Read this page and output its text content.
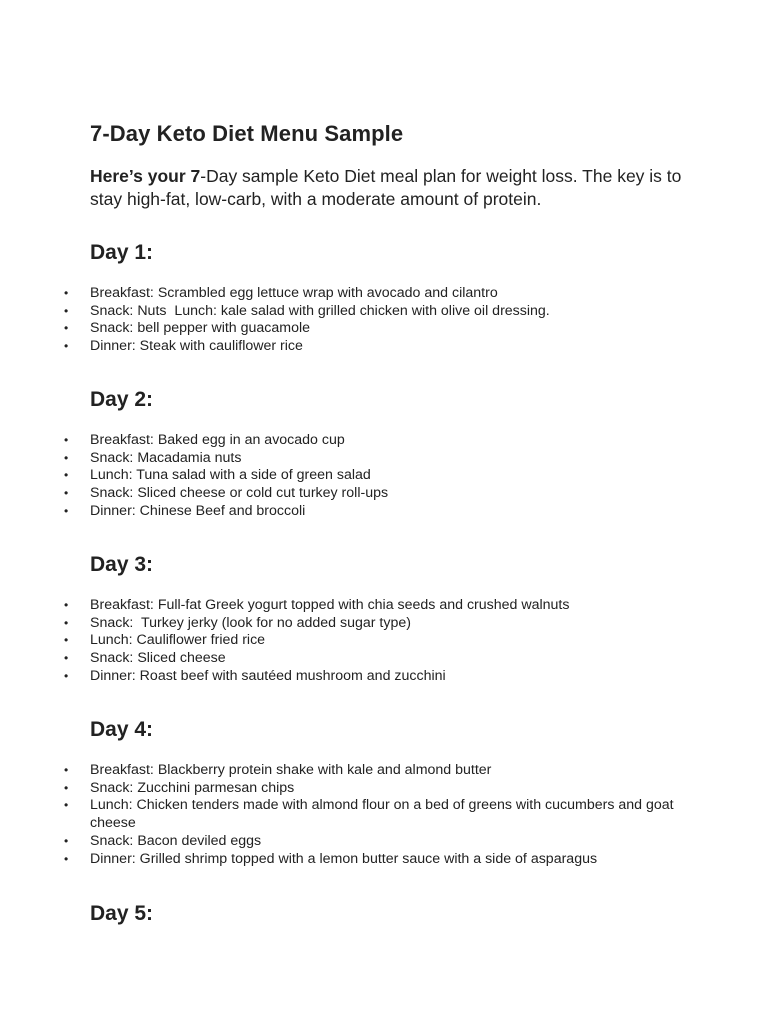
7-Day Keto Diet Menu Sample

Here’s your 7-Day sample Keto Diet meal plan for weight loss. The key is to stay high-fat, low-carb, with a moderate amount of protein.

Day 1:
• Breakfast: Scrambled egg lettuce wrap with avocado and cilantro
• Snack: Nuts  Lunch: kale salad with grilled chicken with olive oil dressing.
• Snack: bell pepper with guacamole
• Dinner: Steak with cauliflower rice
Day 2:
• Breakfast: Baked egg in an avocado cup
• Snack: Macadamia nuts
• Lunch: Tuna salad with a side of green salad
• Snack: Sliced cheese or cold cut turkey roll-ups
• Dinner: Chinese Beef and broccoli
Day 3:
• Breakfast: Full-fat Greek yogurt topped with chia seeds and crushed walnuts
• Snack:  Turkey jerky (look for no added sugar type)
• Lunch: Cauliflower fried rice
• Snack: Sliced cheese
• Dinner: Roast beef with sautéed mushroom and zucchini
Day 4:
• Breakfast: Blackberry protein shake with kale and almond butter
• Snack: Zucchini parmesan chips
• Lunch: Chicken tenders made with almond flour on a bed of greens with cucumbers and goat cheese
• Snack: Bacon deviled eggs
• Dinner: Grilled shrimp topped with a lemon butter sauce with a side of asparagus
Day 5:
